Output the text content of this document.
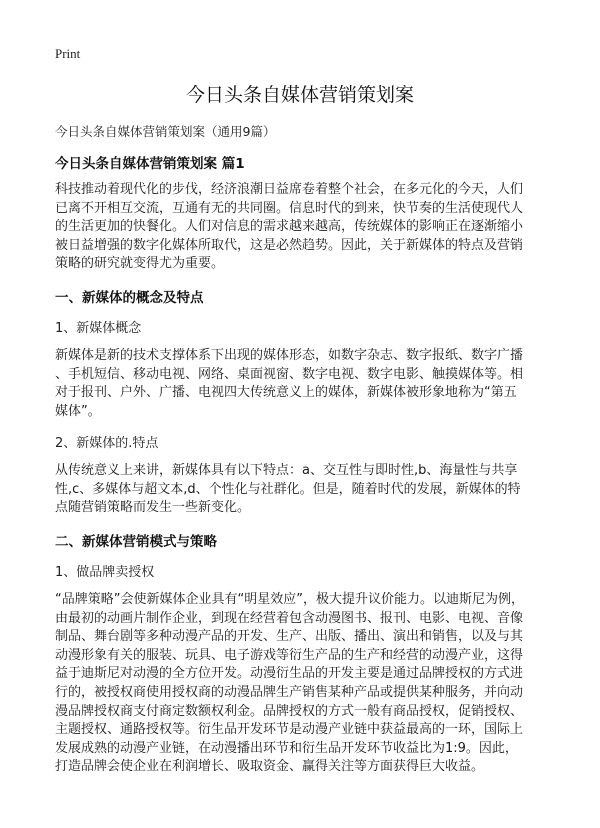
Print
今日头条自媒体营销策划案
今日头条自媒体营销策划案（通用9篇）
今日头条自媒体营销策划案 篇1
科技推动着现代化的步伐，经济浪潮日益席卷着整个社会，在多元化的今天，人们
已离不开相互交流，互通有无的共同圈。信息时代的到来，快节奏的生活使现代人
的生活更加的快餐化。人们对信息的需求越来越高，传统媒体的影响正在逐渐缩小
被日益增强的数字化媒体所取代，这是必然趋势。因此，关于新媒体的特点及营销
策略的研究就变得尤为重要。
一、新媒体的概念及特点
1、新媒体概念
新媒体是新的技术支撑体系下出现的媒体形态，如数字杂志、数字报纸、数字广播
、手机短信、移动电视、网络、桌面视窗、数字电视、数字电影、触摸媒体等。相
对于报刊、户外、广播、电视四大传统意义上的媒体，新媒体被形象地称为“第五
媒体”。
2、新媒体的.特点
从传统意义上来讲，新媒体具有以下特点：a、交互性与即时性,b、海量性与共享
性,c、多媒体与超文本,d、个性化与社群化。但是，随着时代的发展，新媒体的特
点随营销策略而发生一些新变化。
二、新媒体营销模式与策略
1、做品牌卖授权
“品牌策略”会使新媒体企业具有“明星效应”，极大提升议价能力。以迪斯尼为例，
由最初的动画片制作企业，到现在经营着包含动漫图书、报刊、电影、电视、音像
制品、舞台剧等多种动漫产品的开发、生产、出版、播出、演出和销售，以及与其
动漫形象有关的服装、玩具、电子游戏等衍生产品的生产和经营的动漫产业，这得
益于迪斯尼对动漫的全方位开发。动漫衍生品的开发主要是通过品牌授权的方式进
行的，被授权商使用授权商的动漫品牌生产销售某种产品或提供某种服务，并向动
漫品牌授权商支付商定数额权利金。品牌授权的方式一般有商品授权，促销授权、
主题授权、通路授权等。衍生品开发环节是动漫产业链中获益最高的一环，国际上
发展成熟的动漫产业链，在动漫播出环节和衍生品开发环节收益比为1:9。因此，
打造品牌会使企业在利润增长、吸取资金、赢得关注等方面获得巨大收益。
